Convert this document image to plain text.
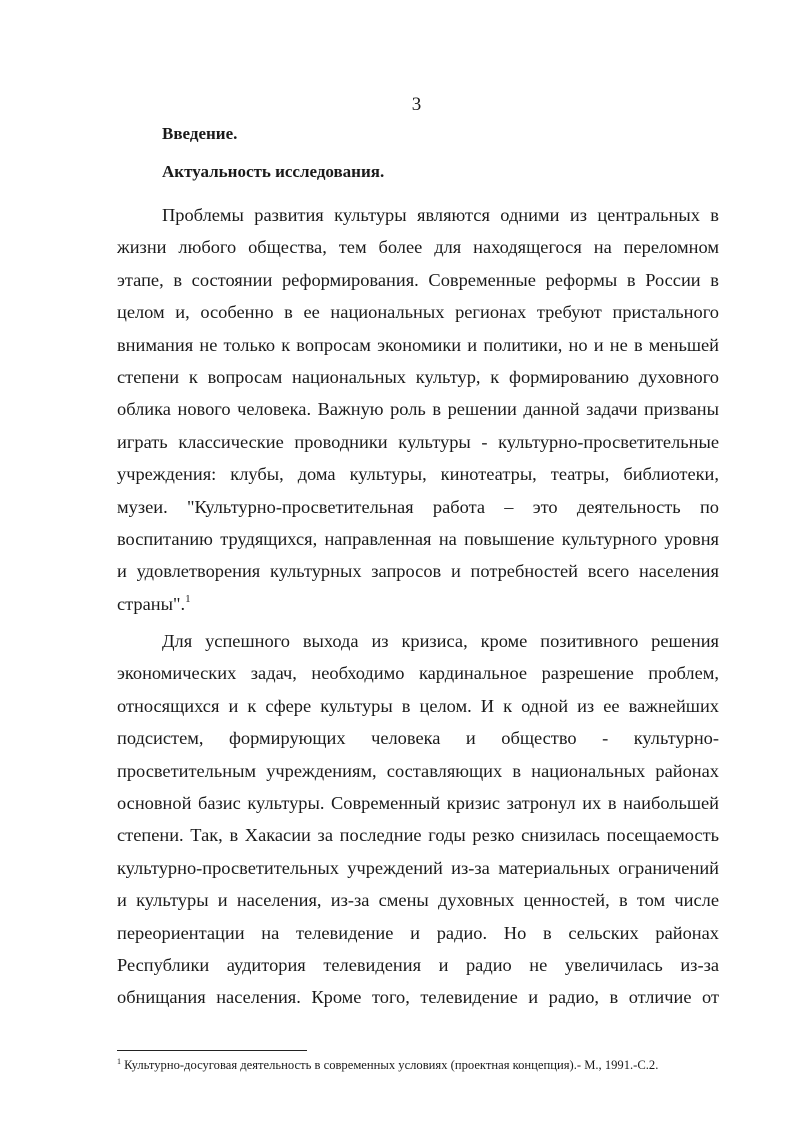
3
Введение.
Актуальность исследования.

Проблемы развития культуры являются одними из центральных в
жизни любого общества, тем более для находящегося на переломном
этапе, в состоянии реформирования. Современные реформы в России в
целом и, особенно в ее национальных регионах требуют пристального
внимания не только к вопросам экономики и политики, но и не в меньшей
степени к вопросам национальных культур, к формированию духовного
облика нового человека. Важную роль в решении данной задачи призваны
играть классические проводники культуры - культурно-просветительные
учреждения: клубы, дома культуры, кинотеатры, театры, библиотеки,
музеи. "Культурно-просветительная работа – это деятельность по
воспитанию трудящихся, направленная на повышение культурного уровня
и удовлетворения культурных запросов и потребностей всего населения
страны".$^1$

Для успешного выхода из кризиса, кроме позитивного решения
экономических задач, необходимо кардинальное разрешение проблем,
относящихся и к сфере культуры в целом. И к одной из ее важнейших
подсистем, формирующих человека и общество - культурно-
просветительным учреждениям, составляющих в национальных районах
основной базис культуры. Современный кризис затронул их в наибольшей
степени. Так, в Хакасии за последние годы резко снизилась посещаемость
культурно-просветительных учреждений из-за материальных ограничений
и культуры и населения, из-за смены духовных ценностей, в том числе
переориентации на телевидение и радио. Но в сельских районах
Республики аудитория телевидения и радио не увеличилась из-за
обнищания населения. Кроме того, телевидение и радио, в отличие от

$^1$ Культурно-досуговая деятельность в современных условиях (проектная концепция).- М., 1991.-С.2.
